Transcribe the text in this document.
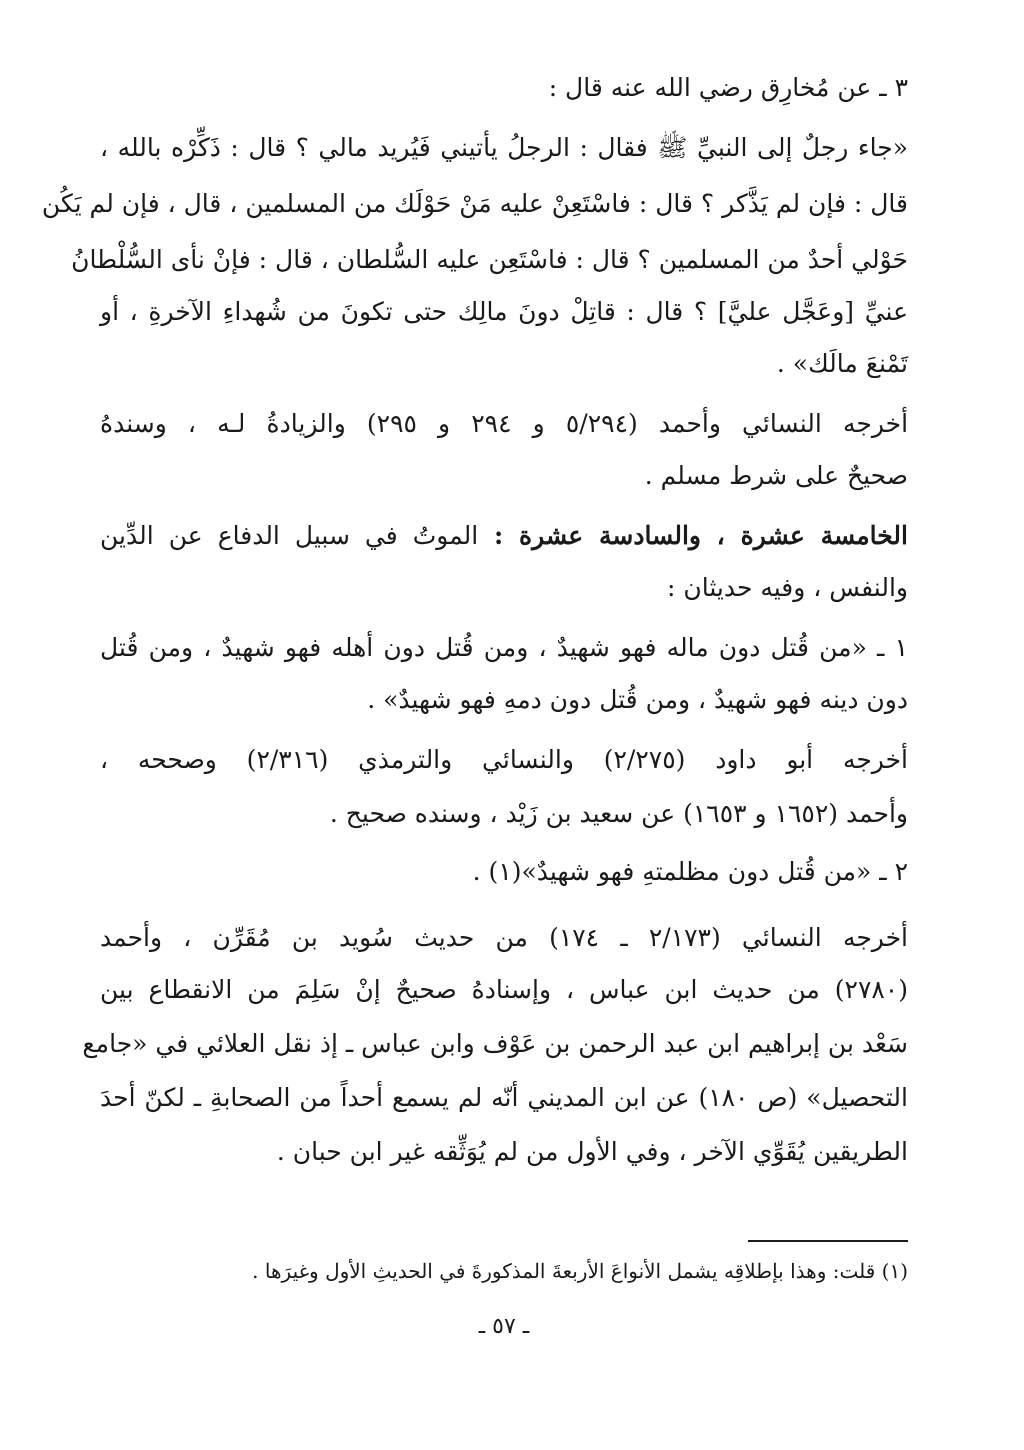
٣ ـ عن مُخارِق رضي الله عنه قال :
«جاء رجلٌ إلى النبيِّ ﷺ فقال : الرجلُ يأتيني فَيُريد مالي ؟ قال : ذَكِّرْه بالله ،
قال : فإن لم يَذَّكر ؟ قال : فاسْتَعِنْ عليه مَنْ حَوْلَك من المسلمين ، قال ، فإن لم يَكُن
حَوْلي أحدٌ من المسلمين ؟ قال : فاسْتَعِن عليه السُّلطان ، قال : فإنْ نأى السُّلْطانُ
عنيِّ [وعَجَّل عليَّ] ؟ قال : قاتِلْ دونَ مالِك حتى تكونَ من شُهداءِ الآخرةِ ، أو
تَمْنعَ مالَك» .
أخرجه النسائي وأحمد (٥/٢٩٤ و ٢٩٤ و ٢٩٥) والزيادةُ لـه ، وسندهُ
صحيحٌ على شرط مسلم .
الخامسة عشرة ، والسادسة عشرة : الموتُ في سبيل الدفاع عن الدِّين
والنفس ، وفيه حديثان :
١ ـ «من قُتل دون ماله فهو شهيدٌ ، ومن قُتل دون أهله فهو شهيدٌ ، ومن قُتل
دون دينه فهو شهيدٌ ، ومن قُتل دون دمهِ فهو شهيدٌ» .
أخرجه أبو داود (٢/٢٧٥) والنسائي والترمذي (٢/٣١٦) وصححه ،
وأحمد (١٦٥٢ و ١٦٥٣) عن سعيد بن زَيْد ، وسنده صحيح .
٢ ـ «من قُتل دون مظلمتهِ فهو شهيدٌ»(١) .
أخرجه النسائي (٢/١٧٣ ـ ١٧٤) من حديث سُويد بن مُقَرِّن ، وأحمد
(٢٧٨٠) من حديث ابن عباس ، وإسنادهُ صحيحٌ إنْ سَلِمَ من الانقطاع بين
سَعْد بن إبراهيم ابن عبد الرحمن بن عَوْف وابن عباس ـ إذ نقل العلائي في «جامع
التحصيل» (ص ١٨٠) عن ابن المديني أنّه لم يسمع أحداً من الصحابةِ ـ لكنّ أحدَ
الطريقين يُقَوِّي الآخر ، وفي الأول من لم يُوَثِّقه غير ابن حبان .
(١) قلت: وهذا بإطلاقِه يشمل الأنواعَ الأربعةَ المذكورةَ في الحديثِ الأول وغيرَها .
ـ ٥٧ ـ
